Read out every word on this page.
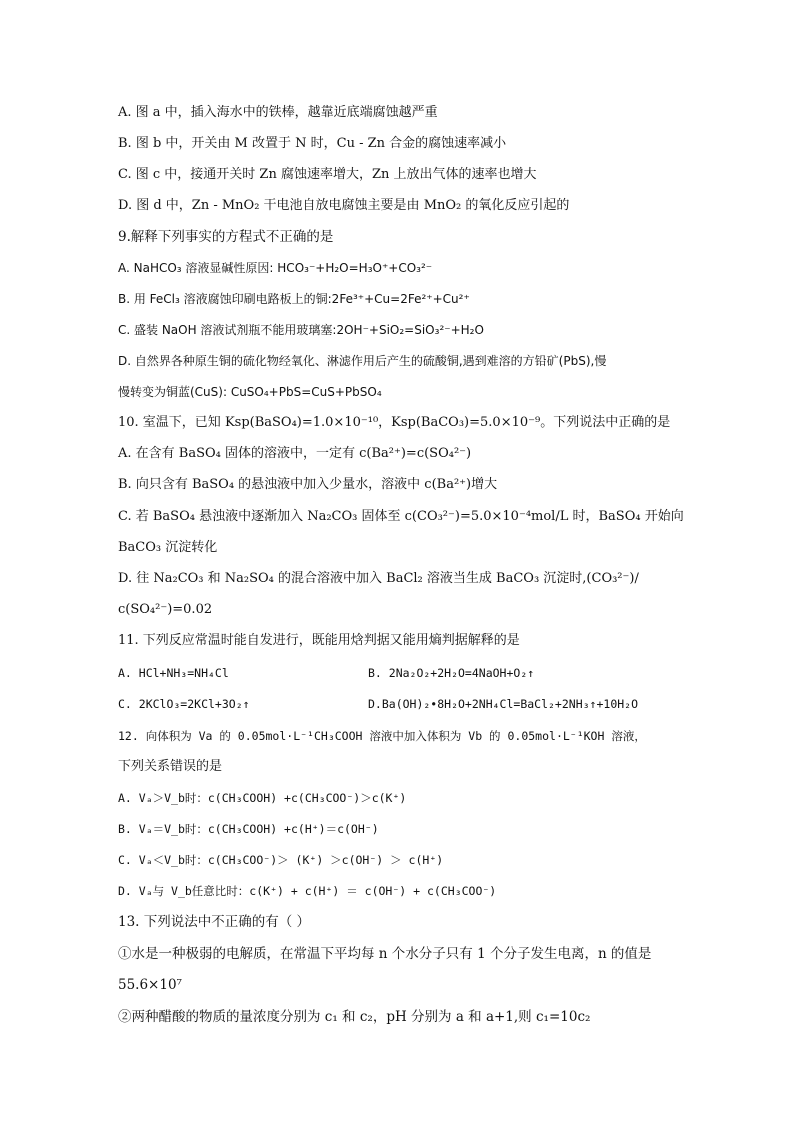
A. 图 a 中，插入海水中的铁棒，越靠近底端腐蚀越严重
B. 图 b 中，开关由 M 改置于 N 时，Cu - Zn 合金的腐蚀速率减小
C. 图 c 中，接通开关时 Zn 腐蚀速率增大，Zn 上放出气体的速率也增大
D. 图 d 中，Zn - MnO₂ 干电池自放电腐蚀主要是由 MnO₂ 的氧化反应引起的
9.解释下列事实的方程式不正确的是
A. NaHCO₃ 溶液显碱性原因: HCO₃⁻+H₂O=H₃O⁺+CO₃²⁻
B. 用 FeCl₃ 溶液腐蚀印刷电路板上的铜:2Fe³⁺+Cu=2Fe²⁺+Cu²⁺
C. 盛装 NaOH 溶液试剂瓶不能用玻璃塞:2OH⁻+SiO₂=SiO₃²⁻+H₂O
D. 自然界各种原生铜的硫化物经氧化、淋滤作用后产生的硫酸铜,遇到难溶的方铅矿(PbS),慢
慢转变为铜蓝(CuS): CuSO₄+PbS=CuS+PbSO₄
10. 室温下，已知 Ksp(BaSO₄)=1.0×10⁻¹⁰，Ksp(BaCO₃)=5.0×10⁻⁹。下列说法中正确的是
A. 在含有 BaSO₄ 固体的溶液中，一定有 c(Ba²⁺)=c(SO₄²⁻)
B. 向只含有 BaSO₄ 的悬浊液中加入少量水，溶液中 c(Ba²⁺)增大
C. 若 BaSO₄ 悬浊液中逐渐加入 Na₂CO₃ 固体至 c(CO₃²⁻)=5.0×10⁻⁴mol/L 时，BaSO₄ 开始向
BaCO₃ 沉淀转化
D. 往 Na₂CO₃ 和 Na₂SO₄ 的混合溶液中加入 BaCl₂ 溶液当生成 BaCO₃ 沉淀时,(CO₃²⁻)/
c(SO₄²⁻)=0.02
11. 下列反应常温时能自发进行，既能用焓判据又能用熵判据解释的是
A. HCl+NH₃=NH₄Cl	B. 2Na₂O₂+2H₂O=4NaOH+O₂↑
C. 2KClO₃=2KCl+3O₂↑	D.Ba(OH)₂•8H₂O+2NH₄Cl=BaCl₂+2NH₃↑+10H₂O
12. 向体积为 Va 的 0.05mol·L⁻¹CH₃COOH 溶液中加入体积为 Vb 的 0.05mol·L⁻¹KOH 溶液，
下列关系错误的是
A. Vₐ＞V_b时：c(CH₃COOH) +c(CH₃COO⁻)＞c(K⁺)
B. Vₐ＝V_b时：c(CH₃COOH) +c(H⁺)＝c(OH⁻)
C. Vₐ＜V_b时：c(CH₃COO⁻)＞ (K⁺) ＞c(OH⁻) ＞ c(H⁺)
D. Vₐ与 V_b任意比时：c(K⁺) + c(H⁺) ＝ c(OH⁻) + c(CH₃COO⁻)
13. 下列说法中不正确的有（ ）
①水是一种极弱的电解质，在常温下平均每 n 个水分子只有 1 个分子发生电离，n 的值是
55.6×10⁷
②两种醋酸的物质的量浓度分别为 c₁ 和 c₂，pH 分别为 a 和 a+1,则 c₁=10c₂
